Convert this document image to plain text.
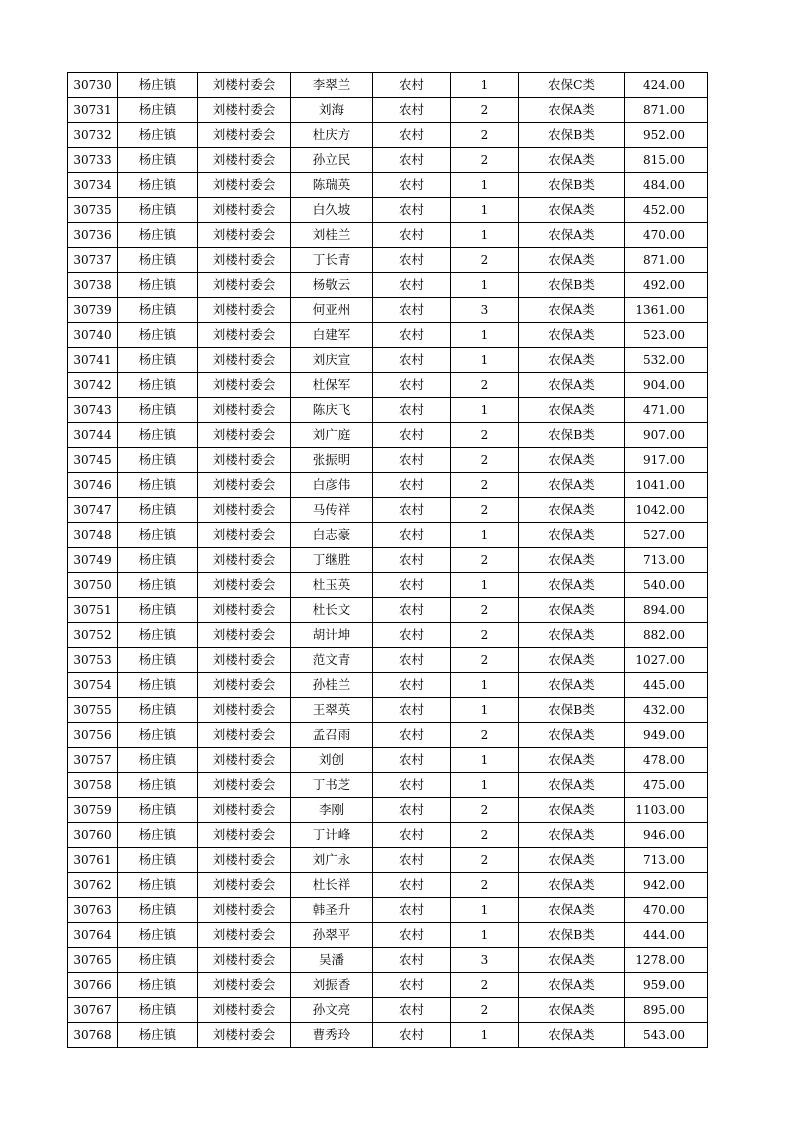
30730	杨庄镇	刘楼村委会	李翠兰	农村	1	农保C类	424.00
30731	杨庄镇	刘楼村委会	刘海	农村	2	农保A类	871.00
30732	杨庄镇	刘楼村委会	杜庆方	农村	2	农保B类	952.00
30733	杨庄镇	刘楼村委会	孙立民	农村	2	农保A类	815.00
30734	杨庄镇	刘楼村委会	陈瑞英	农村	1	农保B类	484.00
30735	杨庄镇	刘楼村委会	白久坡	农村	1	农保A类	452.00
30736	杨庄镇	刘楼村委会	刘桂兰	农村	1	农保A类	470.00
30737	杨庄镇	刘楼村委会	丁长青	农村	2	农保A类	871.00
30738	杨庄镇	刘楼村委会	杨敬云	农村	1	农保B类	492.00
30739	杨庄镇	刘楼村委会	何亚州	农村	3	农保A类	1361.00
30740	杨庄镇	刘楼村委会	白建军	农村	1	农保A类	523.00
30741	杨庄镇	刘楼村委会	刘庆宣	农村	1	农保A类	532.00
30742	杨庄镇	刘楼村委会	杜保军	农村	2	农保A类	904.00
30743	杨庄镇	刘楼村委会	陈庆飞	农村	1	农保A类	471.00
30744	杨庄镇	刘楼村委会	刘广庭	农村	2	农保B类	907.00
30745	杨庄镇	刘楼村委会	张振明	农村	2	农保A类	917.00
30746	杨庄镇	刘楼村委会	白彦伟	农村	2	农保A类	1041.00
30747	杨庄镇	刘楼村委会	马传祥	农村	2	农保A类	1042.00
30748	杨庄镇	刘楼村委会	白志豪	农村	1	农保A类	527.00
30749	杨庄镇	刘楼村委会	丁继胜	农村	2	农保A类	713.00
30750	杨庄镇	刘楼村委会	杜玉英	农村	1	农保A类	540.00
30751	杨庄镇	刘楼村委会	杜长文	农村	2	农保A类	894.00
30752	杨庄镇	刘楼村委会	胡计坤	农村	2	农保A类	882.00
30753	杨庄镇	刘楼村委会	范文青	农村	2	农保A类	1027.00
30754	杨庄镇	刘楼村委会	孙桂兰	农村	1	农保A类	445.00
30755	杨庄镇	刘楼村委会	王翠英	农村	1	农保B类	432.00
30756	杨庄镇	刘楼村委会	孟召雨	农村	2	农保A类	949.00
30757	杨庄镇	刘楼村委会	刘创	农村	1	农保A类	478.00
30758	杨庄镇	刘楼村委会	丁书芝	农村	1	农保A类	475.00
30759	杨庄镇	刘楼村委会	李刚	农村	2	农保A类	1103.00
30760	杨庄镇	刘楼村委会	丁计峰	农村	2	农保A类	946.00
30761	杨庄镇	刘楼村委会	刘广永	农村	2	农保A类	713.00
30762	杨庄镇	刘楼村委会	杜长祥	农村	2	农保A类	942.00
30763	杨庄镇	刘楼村委会	韩圣升	农村	1	农保A类	470.00
30764	杨庄镇	刘楼村委会	孙翠平	农村	1	农保B类	444.00
30765	杨庄镇	刘楼村委会	吴潘	农村	3	农保A类	1278.00
30766	杨庄镇	刘楼村委会	刘振香	农村	2	农保A类	959.00
30767	杨庄镇	刘楼村委会	孙文亮	农村	2	农保A类	895.00
30768	杨庄镇	刘楼村委会	曹秀玲	农村	1	农保A类	543.00
